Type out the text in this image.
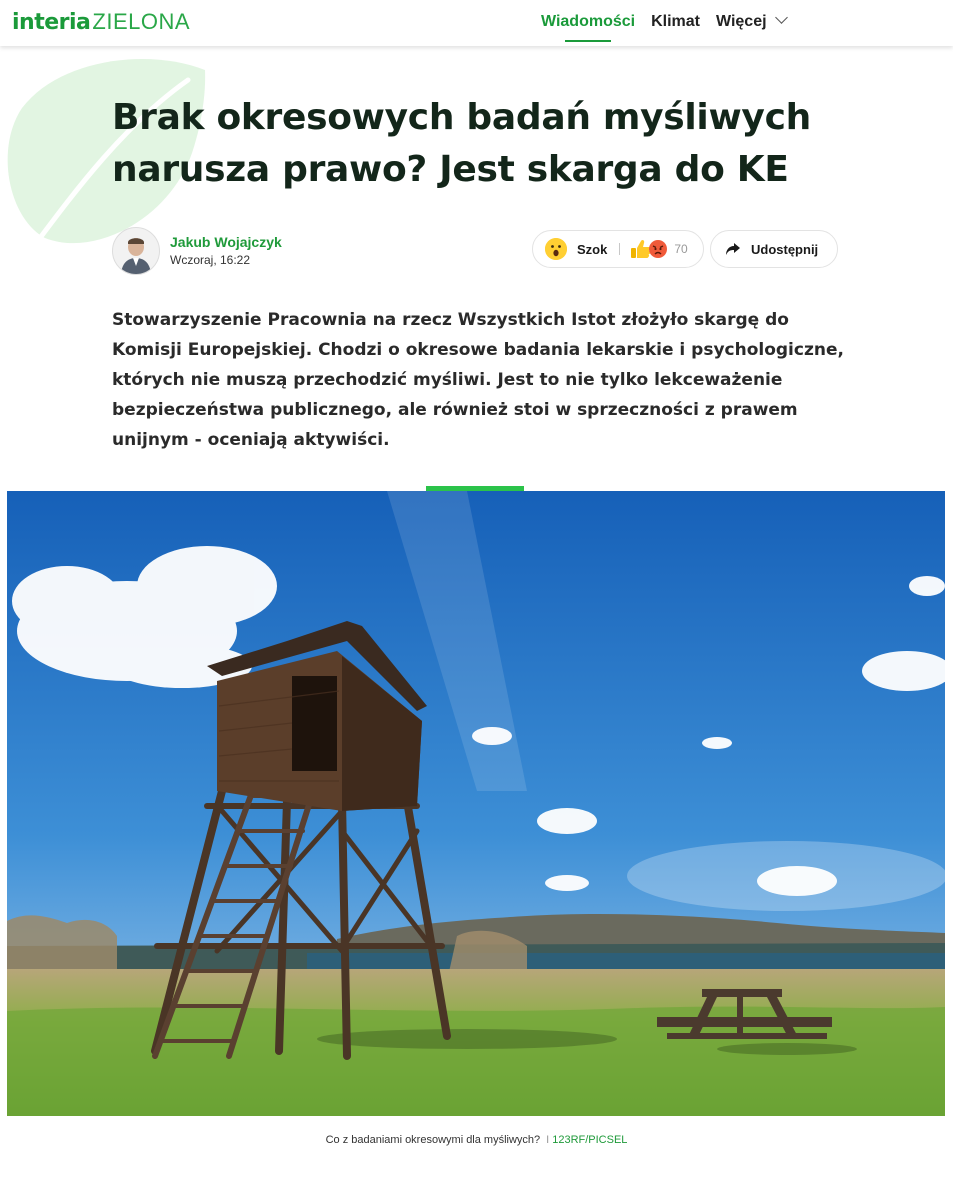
interiaZIELONA	Wiadomości Klimat Więcej
Brak okresowych badań myśliwych narusza prawo? Jest skarga do KE
Jakub Wojajczyk
Wczoraj, 16:22
Szok	70	Udostępnij

Stowarzyszenie Pracownia na rzecz Wszystkich Istot złożyło skargę do Komisji Europejskiej. Chodzi o okresowe badania lekarskie i psychologiczne, których nie muszą przechodzić myśliwi. Jest to nie tylko lekceważenie bezpieczeństwa publicznego, ale również stoi w sprzeczności z prawem unijnym - oceniają aktywiści.

Co z badaniami okresowymi dla myśliwych? I 123RF/PICSEL
